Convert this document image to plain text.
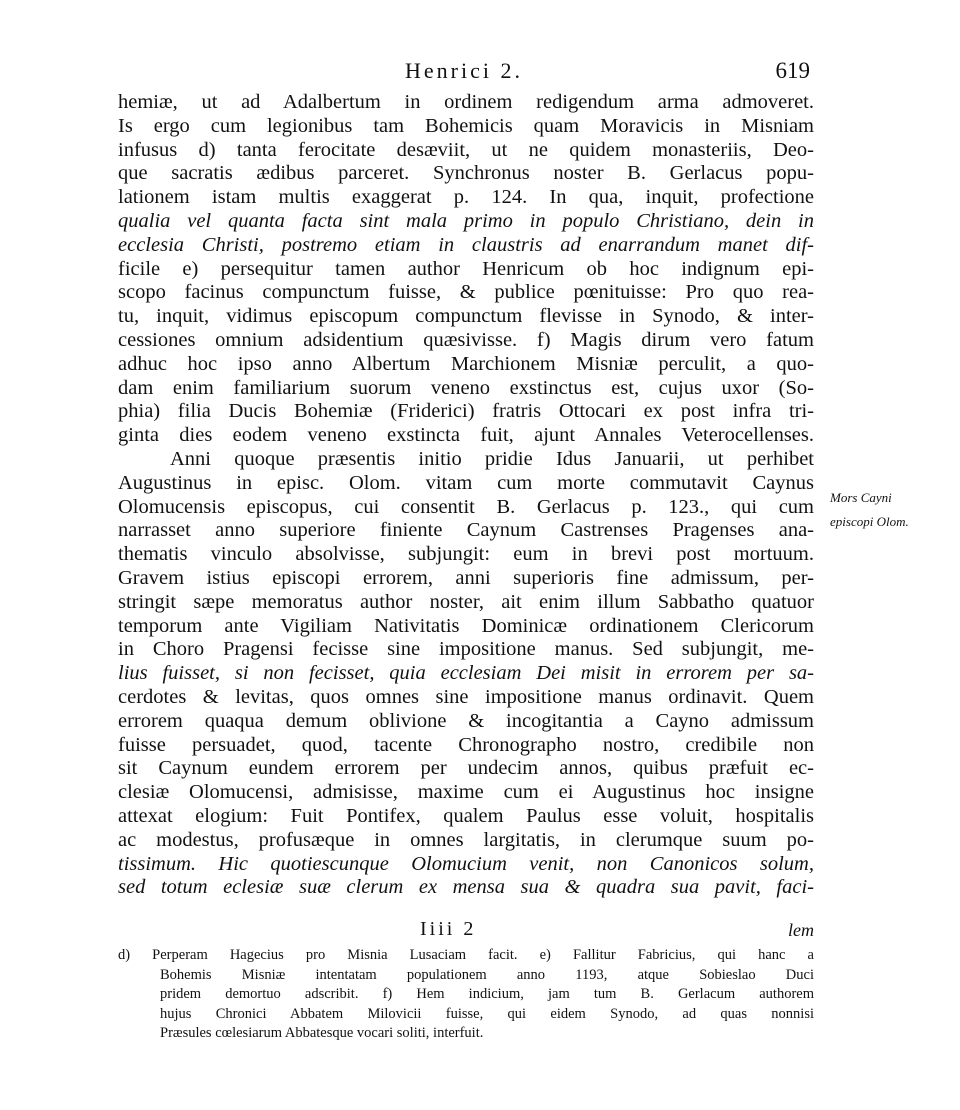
Henrici 2.	619
hemiæ, ut ad Adalbertum in ordinem redigendum arma admoveret.
Is ergo cum legionibus tam Bohemicis quam Moravicis in Misniam
infusus d) tanta ferocitate desæviit, ut ne quidem monasteriis, Deo-
que sacratis ædibus parceret. Synchronus noster B. Gerlacus popu-
lationem istam multis exaggerat p. 124. In qua, inquit, profectione
qualia vel quanta facta sint mala primo in populo Christiano, dein in
ecclesia Christi, postremo etiam in claustris ad enarrandum manet dif-
ficile e) persequitur tamen author Henricum ob hoc indignum epi-
scopo facinus compunctum fuisse, & publice pœnituisse: Pro quo rea-
tu, inquit, vidimus episcopum compunctum flevisse in Synodo, & inter-
cessiones omnium adsidentium quæsivisse. f) Magis dirum vero fatum
adhuc hoc ipso anno Albertum Marchionem Misniæ perculit, a quo-
dam enim familiarium suorum veneno exstinctus est, cujus uxor (So-
phia) filia Ducis Bohemiæ (Friderici) fratris Ottocari ex post infra tri-
ginta dies eodem veneno exstincta fuit, ajunt Annales Veterocellenses.
Anni quoque præsentis initio pridie Idus Januarii, ut perhibet
Augustinus in episc. Olom. vitam cum morte commutavit Caynus
Olomucensis episcopus, cui consentit B. Gerlacus p. 123., qui cum
narrasset anno superiore finiente Caynum Castrenses Pragenses ana-
thematis vinculo absolvisse, subjungit: eum in brevi post mortuum.
Gravem istius episcopi errorem, anni superioris fine admissum, per-
stringit sæpe memoratus author noster, ait enim illum Sabbatho quatuor
temporum ante Vigiliam Nativitatis Dominicæ ordinationem Clericorum
in Choro Pragensi fecisse sine impositione manus. Sed subjungit, me-
lius fuisset, si non fecisset, quia ecclesiam Dei misit in errorem per sa-
cerdotes & levitas, quos omnes sine impositione manus ordinavit. Quem
errorem quaqua demum oblivione & incogitantia a Cayno admissum
fuisse persuadet, quod, tacente Chronographo nostro, credibile non
sit Caynum eundem errorem per undecim annos, quibus præfuit ec-
clesiæ Olomucensi, admisisse, maxime cum ei Augustinus hoc insigne
attexat elogium: Fuit Pontifex, qualem Paulus esse voluit, hospitalis
ac modestus, profusæque in omnes largitatis, in clerumque suum po-
tissimum. Hic quotiescunque Olomucium venit, non Canonicos solum,
sed totum eclesiæ suæ clerum ex mensa sua & quadra sua pavit, faci-
Mors Cayni
episcopi Olom.
Iiii 2	lem
d) Perperam Hagecius pro Misnia Lusaciam facit. e) Fallitur Fabricius, qui hanc a
Bohemis Misniæ intentatam populationem anno 1193, atque Sobieslao Duci
pridem demortuo adscribit. f) Hem indicium, jam tum B. Gerlacum authorem
hujus Chronici Abbatem Milovicii fuisse, qui eidem Synodo, ad quas nonnisi
Præsules cœlesiarum Abbatesque vocari soliti, interfuit.
